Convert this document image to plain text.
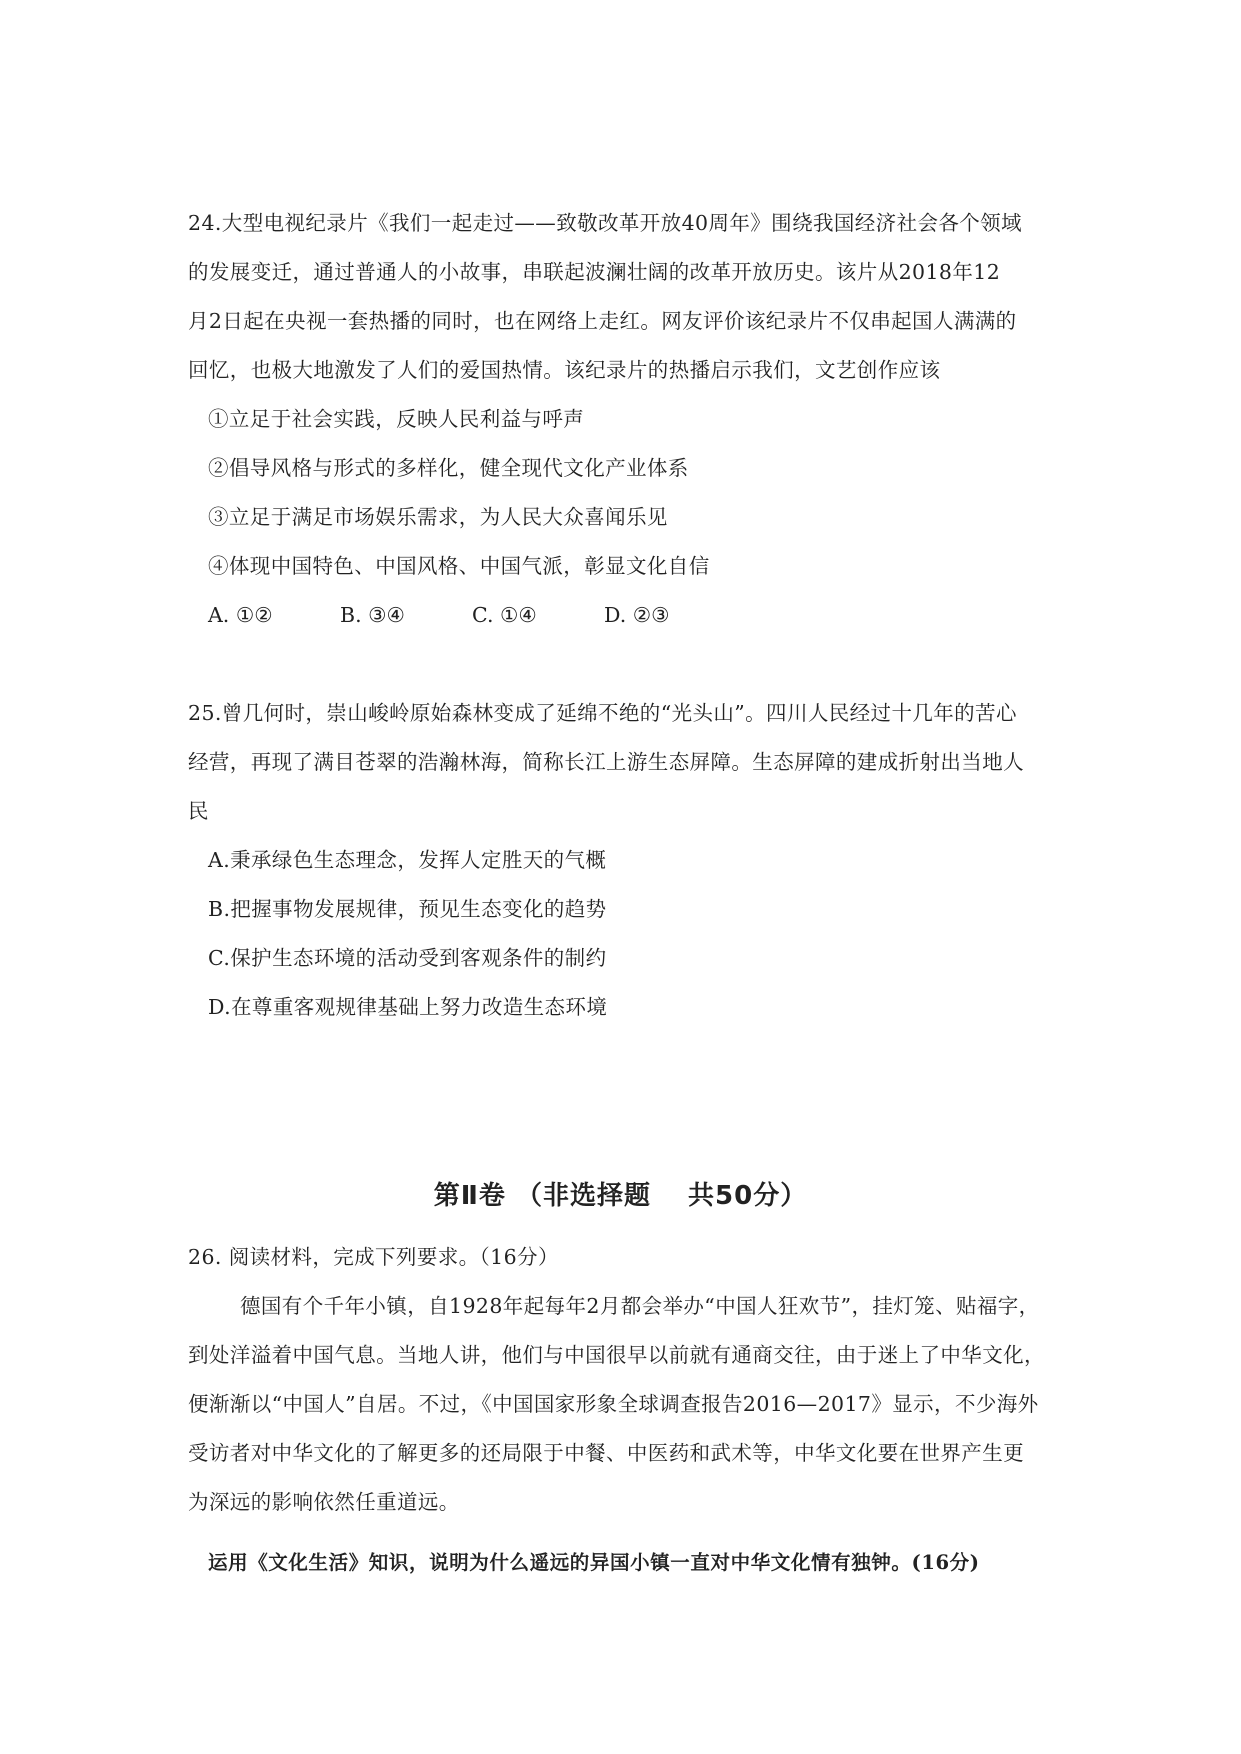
24.大型电视纪录片《我们一起走过——致敬改革开放40周年》围绕我国经济社会各个领域
的发展变迁，通过普通人的小故事，串联起波澜壮阔的改革开放历史。该片从2018年12
月2日起在央视一套热播的同时，也在网络上走红。网友评价该纪录片不仅串起国人满满的
回忆，也极大地激发了人们的爱国热情。该纪录片的热播启示我们，文艺创作应该
①立足于社会实践，反映人民利益与呼声
②倡导风格与形式的多样化，健全现代文化产业体系
③立足于满足市场娱乐需求，为人民大众喜闻乐见
④体现中国特色、中国风格、中国气派，彰显文化自信
A. ①②	B. ③④	C. ①④	D. ②③
25.曾几何时，崇山峻岭原始森林变成了延绵不绝的“光头山”。四川人民经过十几年的苦心
经营，再现了满目苍翠的浩瀚林海，简称长江上游生态屏障。生态屏障的建成折射出当地人
民
A.秉承绿色生态理念，发挥人定胜天的气概
B.把握事物发展规律，预见生态变化的趋势
C.保护生态环境的活动受到客观条件的制约
D.在尊重客观规律基础上努力改造生态环境
第Ⅱ卷 （非选择题　 共50分）
26. 阅读材料，完成下列要求。（16分）
德国有个千年小镇，自1928年起每年2月都会举办“中国人狂欢节”，挂灯笼、贴福字，
到处洋溢着中国气息。当地人讲，他们与中国很早以前就有通商交往，由于迷上了中华文化，
便渐渐以“中国人”自居。不过，《中国国家形象全球调查报告2016—2017》显示，不少海外
受访者对中华文化的了解更多的还局限于中餐、中医药和武术等，中华文化要在世界产生更
为深远的影响依然任重道远。
运用《文化生活》知识，说明为什么遥远的异国小镇一直对中华文化情有独钟。(16分)
